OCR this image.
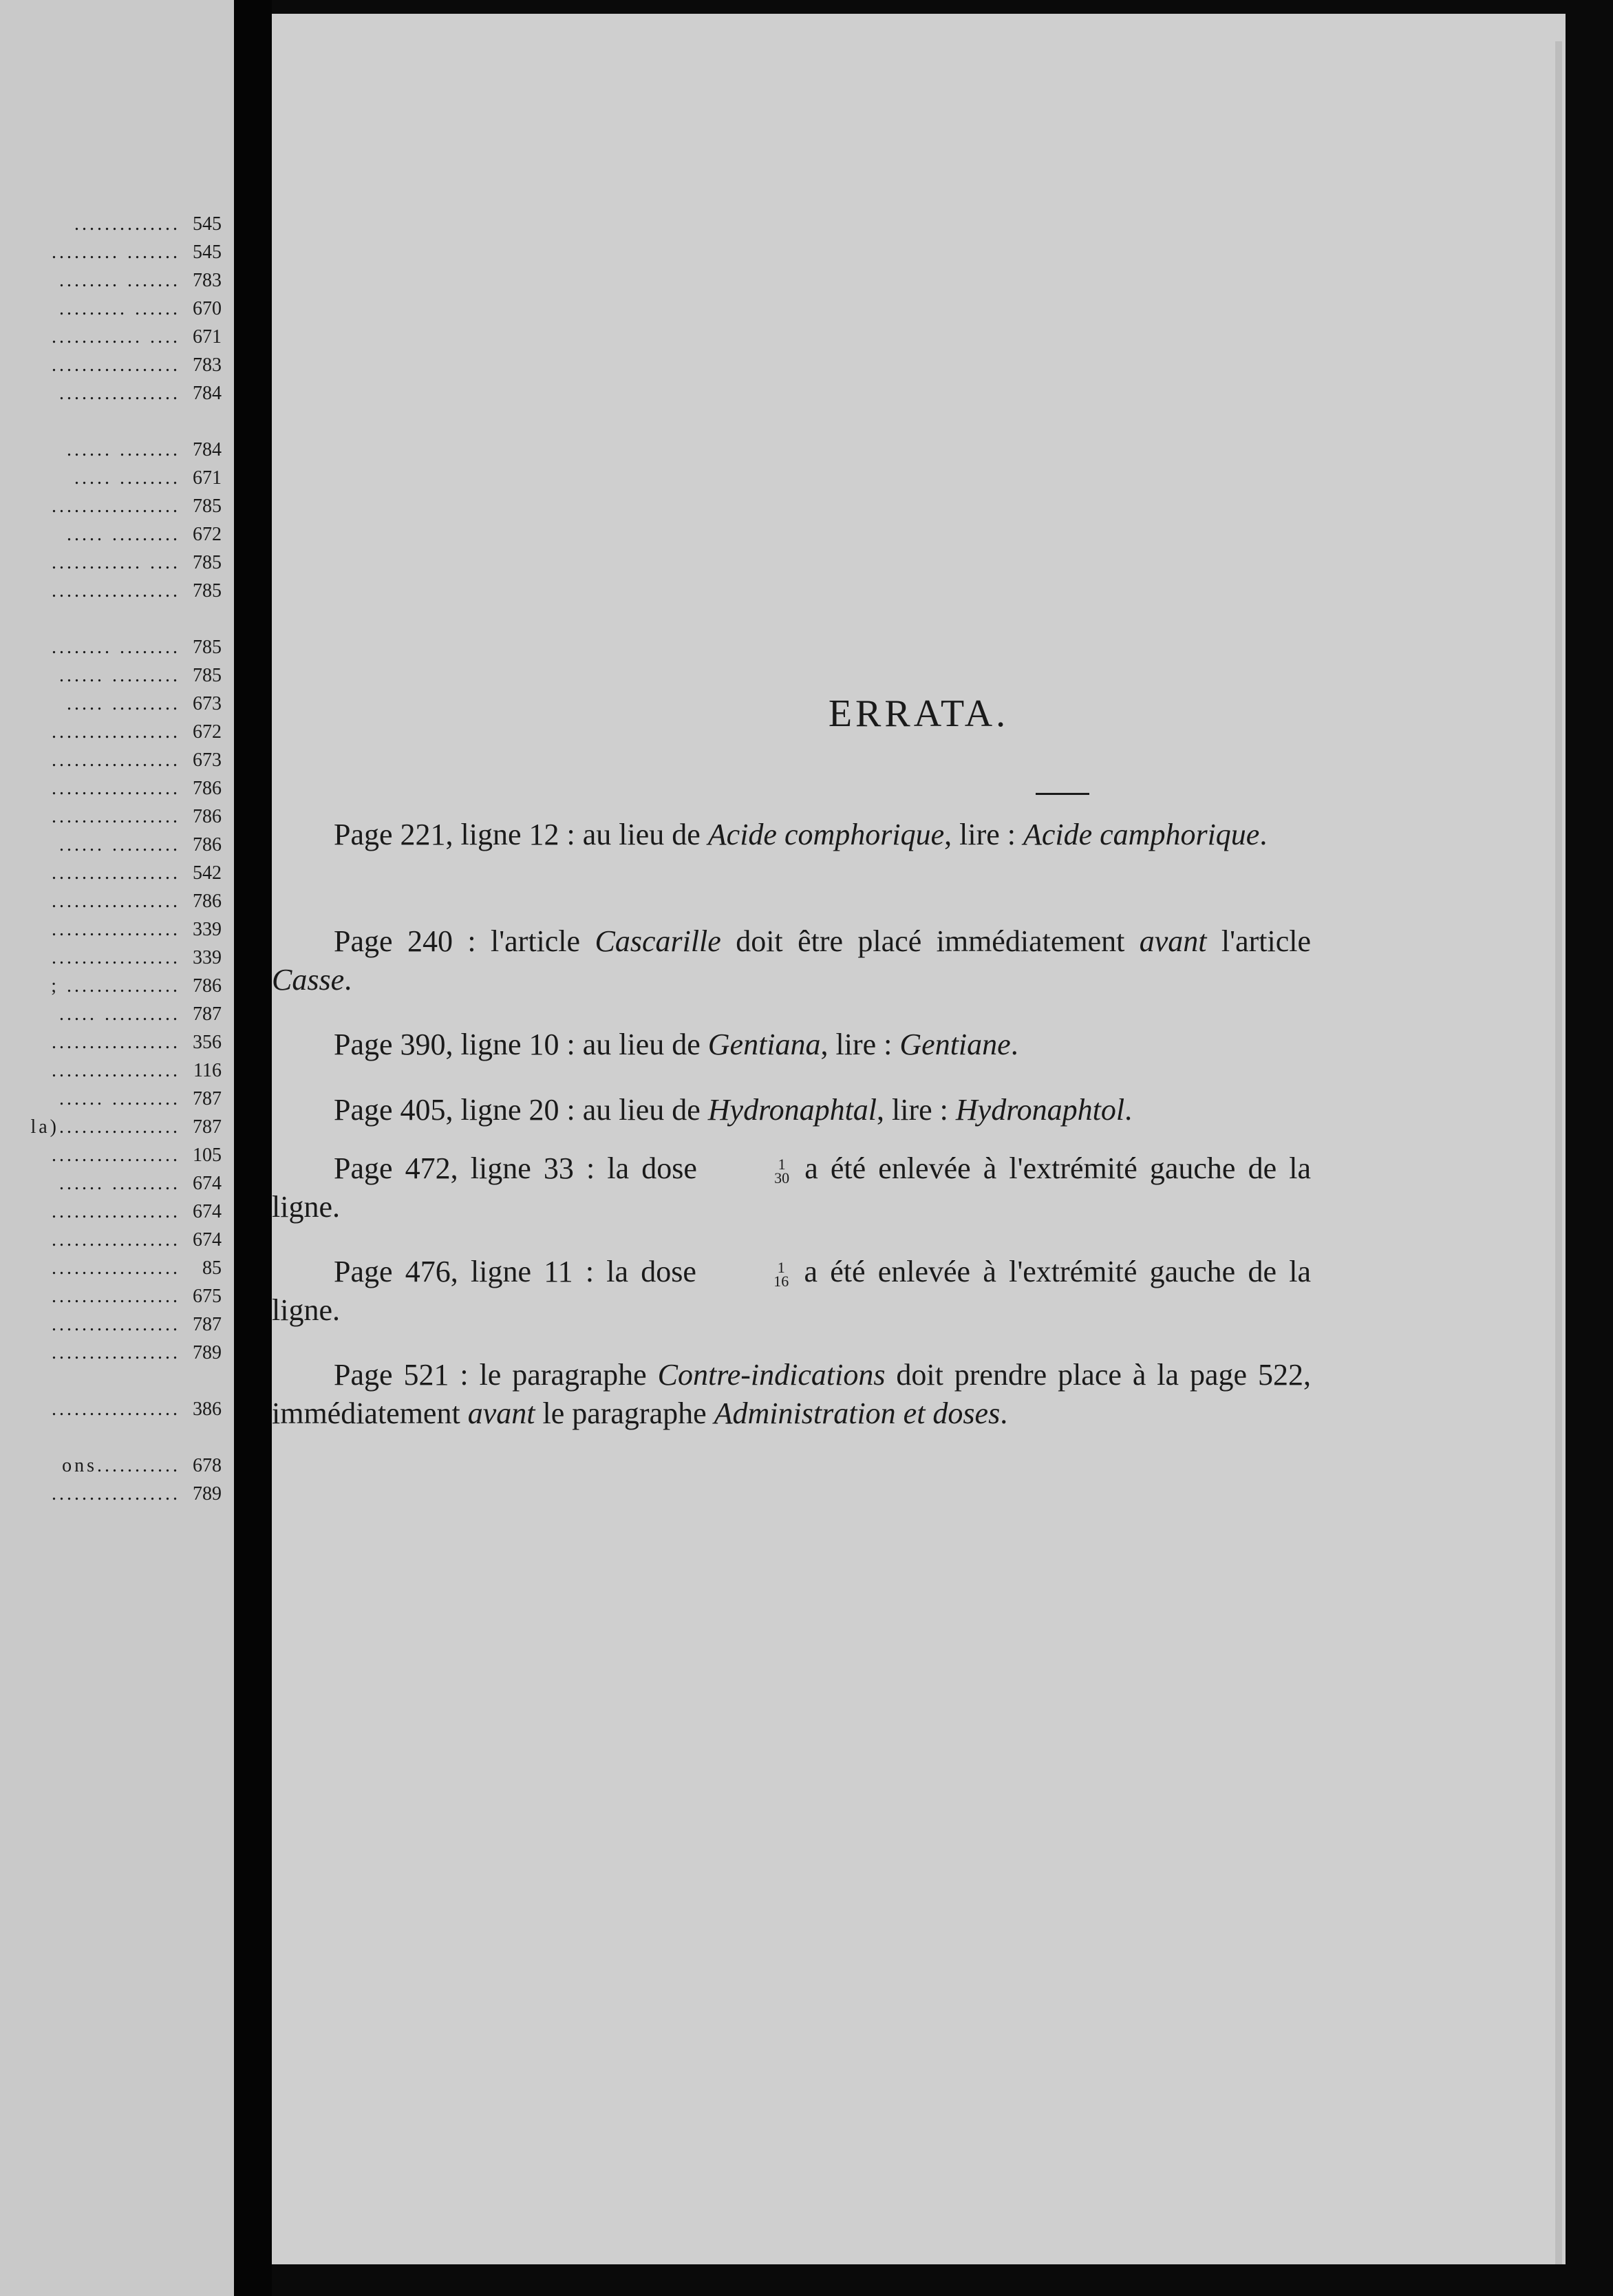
.............. 545
......... ....... 545
........ ....... 783
......... ...... 670
............ .... 671
................. 783
................ 784
...... ........ 784
..... ........ 671
................. 785
..... ......... 672
............ .... 785
................. 785
........ ........ 785
...... ......... 785
..... ......... 673
................. 672
................. 673
................. 786
................. 786
...... ......... 786
................. 542
................. 786
................. 339
................. 339
; ............... 786
..... .......... 787
................. 356
................. 116
...... ......... 787
la)................ 787
................. 105
...... ......... 674
................. 674
................. 674
.................	85
................. 675
................. 787
................. 789
................. 386
ons........... 678
................. 789
ERRATA.

Page 221, ligne 12 : au lieu de Acide comphorique, lire : Acide camphorique.

Page 240 : l'article Cascarille doit être placé immédiatement avant l'article Casse.

Page 390, ligne 10 : au lieu de Gentiana, lire : Gentiane.

Page 405, ligne 20 : au lieu de Hydronaphtal, lire : Hydronaphtol.

Page 472, ligne 33 : la dose	1
30 a été enlevée à l'extrémité gauche de la ligne.

Page 476, ligne 11 : la dose	1
16 a été enlevée à l'extrémité gauche de la ligne.

Page 521 : le paragraphe Contre-indications doit prendre place à la page 522, immédiatement avant le paragraphe Administration et doses.
